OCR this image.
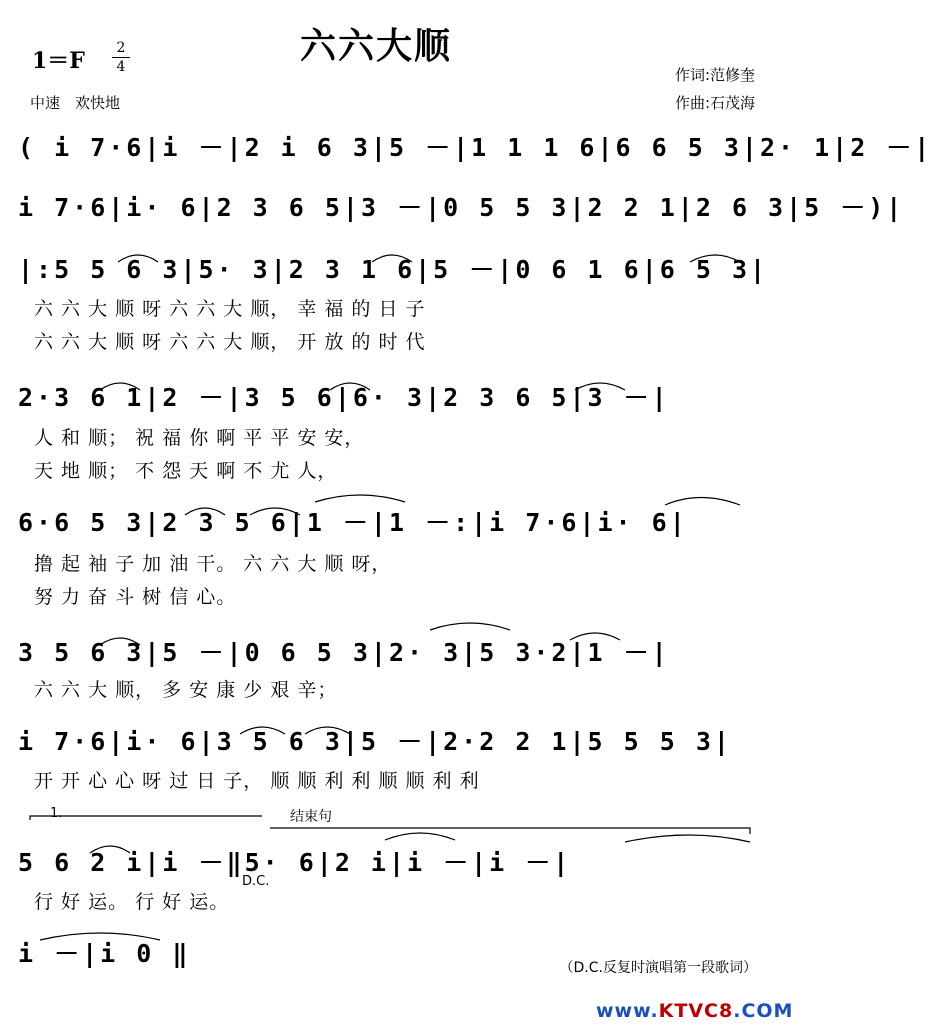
六六大顺
1＝F	2
4
中速　欢快地
作词:范修奎
作曲:石茂海
( i 7·6|i －|2 i 6 3|5 －|1 1 1 6|6 6 5 3|2· 1|2 －|
i 7·6|i· 6|2 3 6 5|3 －|0 5 5 3|2 2 1|2 6 3|5 －)|
|:5 5 6 3|5· 3|2 3 1 6|5 －|0 6 1 6|6 5 3|
六 六 大 顺 呀 六 六 大 顺， 幸 福 的 日 子
六 六 大 顺 呀 六 六 大 顺， 开 放 的 时 代
2·3 6 1|2 －|3 5 6|6· 3|2 3 6 5|3 －|
人 和 顺； 祝 福 你 啊 平 平 安 安，
天 地 顺； 不 怨 天 啊 不 尤 人，
6·6 5 3|2 3 5 6|1 －|1 －:|i 7·6|i· 6|
撸 起 袖 子 加 油 干。 六 六 大 顺 呀，
努 力 奋 斗 树 信 心。
3 5 6 3|5 －|0 6 5 3|2· 3|5 3·2|1 －|
六 六 大 顺， 多 安 康 少 艰 辛；
i 7·6|i· 6|3 5 6 3|5 －|2·2 2 1|5 5 5 3|
开 开 心 心 呀 过 日 子， 顺 顺 利 利 顺 顺 利 利
1.	结束句
5 6 2 i|i －‖5· 6|2 i|i －|i －|
D.C.
行 好 运。 行 好 运。
i －|i 0 ‖	（D.C.反复时演唱第一段歌词）
www.KTVC8.COM
